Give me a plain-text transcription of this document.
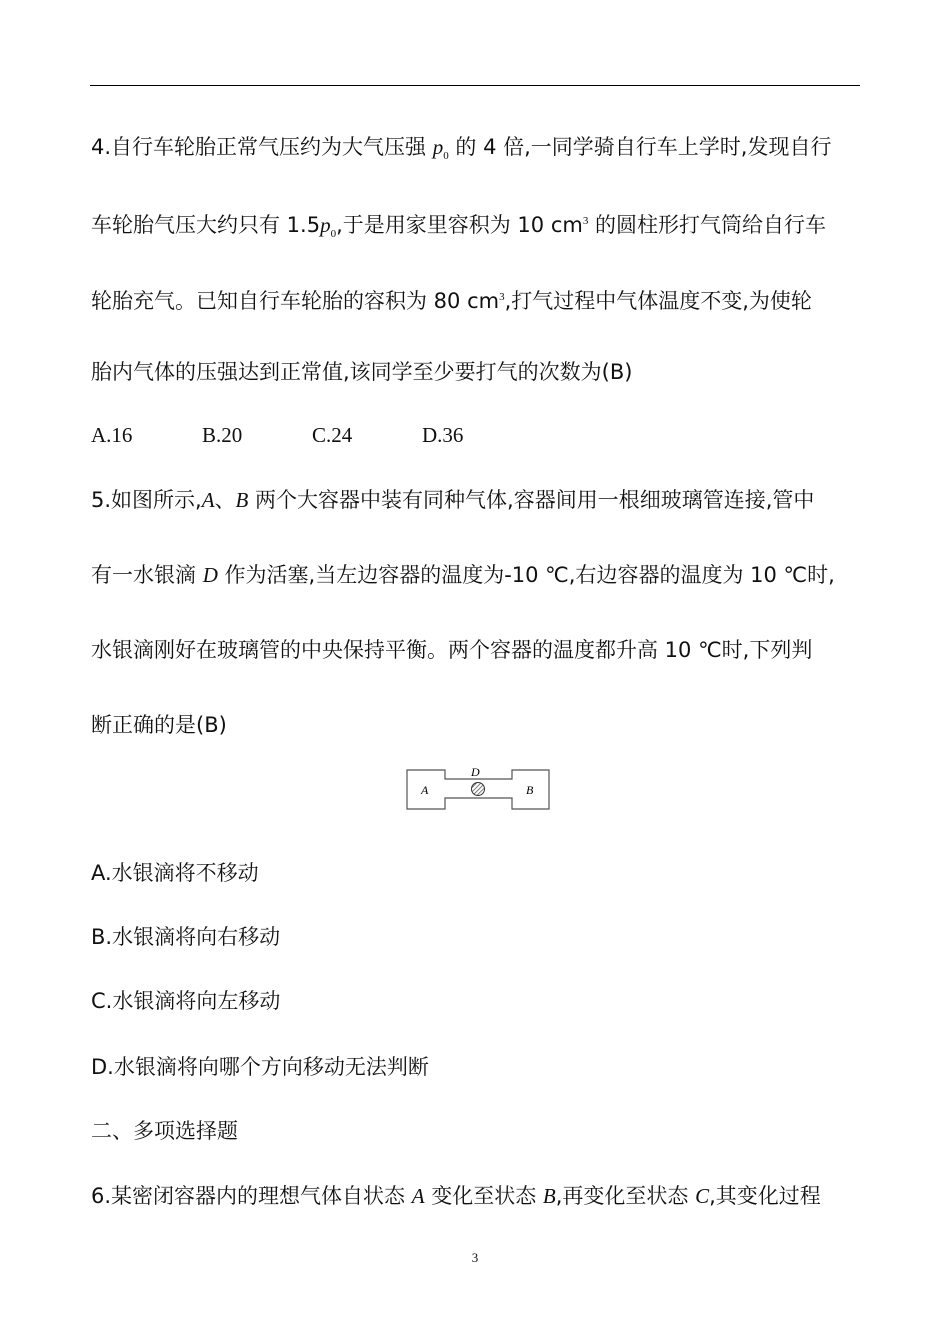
4.自行车轮胎正常气压约为大气压强 $p_0$ 的 4 倍,一同学骑自行车上学时,发现自行
车轮胎气压大约只有 $1.5p_0$,于是用家里容积为 10 $cm^3$ 的圆柱形打气筒给自行车
轮胎充气。已知自行车轮胎的容积为 80 $cm^3$,打气过程中气体温度不变,为使轮
胎内气体的压强达到正常值,该同学至少要打气的次数为(B)
A.16	B.20	C.24	D.36
5.如图所示,A、B 两个大容器中装有同种气体,容器间用一根细玻璃管连接,管中
有一水银滴 D 作为活塞,当左边容器的温度为-10 ℃,右边容器的温度为 10 ℃时,
水银滴刚好在玻璃管的中央保持平衡。两个容器的温度都升高 10 ℃时,下列判
断正确的是(B)
A	B
D
A.水银滴将不移动
B.水银滴将向右移动
C.水银滴将向左移动
D.水银滴将向哪个方向移动无法判断
二、多项选择题
6.某密闭容器内的理想气体自状态 A 变化至状态 B,再变化至状态 C,其变化过程
3
